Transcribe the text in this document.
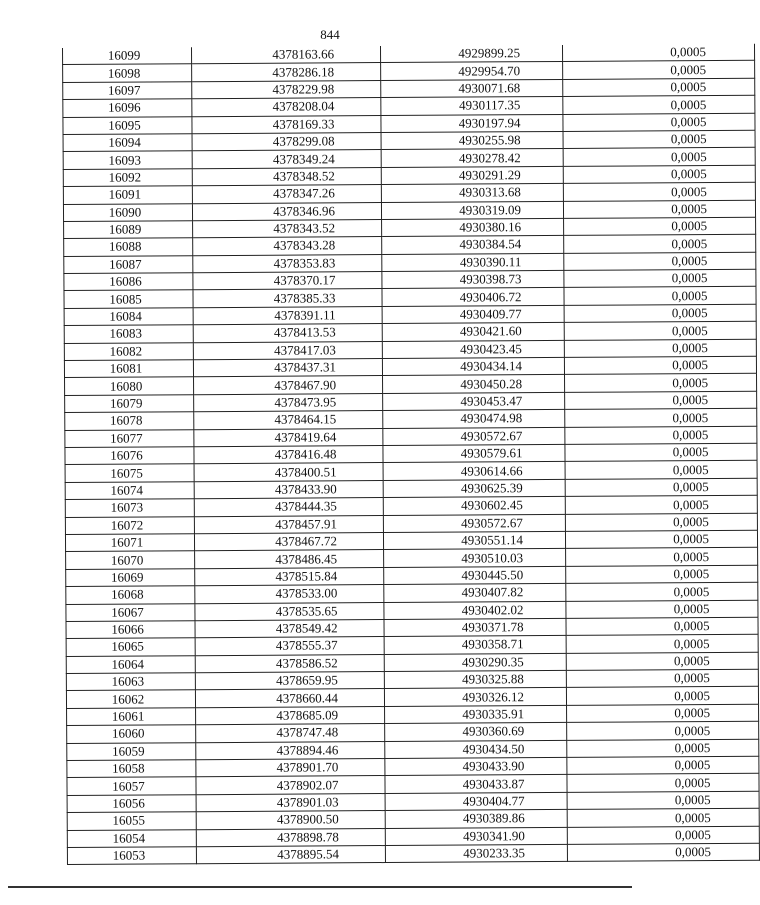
844
16099	4378163.66	4929899.25	0,0005
16098	4378286.18	4929954.70	0,0005
16097	4378229.98	4930071.68	0,0005
16096	4378208.04	4930117.35	0,0005
16095	4378169.33	4930197.94	0,0005
16094	4378299.08	4930255.98	0,0005
16093	4378349.24	4930278.42	0,0005
16092	4378348.52	4930291.29	0,0005
16091	4378347.26	4930313.68	0,0005
16090	4378346.96	4930319.09	0,0005
16089	4378343.52	4930380.16	0,0005
16088	4378343.28	4930384.54	0,0005
16087	4378353.83	4930390.11	0,0005
16086	4378370.17	4930398.73	0,0005
16085	4378385.33	4930406.72	0,0005
16084	4378391.11	4930409.77	0,0005
16083	4378413.53	4930421.60	0,0005
16082	4378417.03	4930423.45	0,0005
16081	4378437.31	4930434.14	0,0005
16080	4378467.90	4930450.28	0,0005
16079	4378473.95	4930453.47	0,0005
16078	4378464.15	4930474.98	0,0005
16077	4378419.64	4930572.67	0,0005
16076	4378416.48	4930579.61	0,0005
16075	4378400.51	4930614.66	0,0005
16074	4378433.90	4930625.39	0,0005
16073	4378444.35	4930602.45	0,0005
16072	4378457.91	4930572.67	0,0005
16071	4378467.72	4930551.14	0,0005
16070	4378486.45	4930510.03	0,0005
16069	4378515.84	4930445.50	0,0005
16068	4378533.00	4930407.82	0,0005
16067	4378535.65	4930402.02	0,0005
16066	4378549.42	4930371.78	0,0005
16065	4378555.37	4930358.71	0,0005
16064	4378586.52	4930290.35	0,0005
16063	4378659.95	4930325.88	0,0005
16062	4378660.44	4930326.12	0,0005
16061	4378685.09	4930335.91	0,0005
16060	4378747.48	4930360.69	0,0005
16059	4378894.46	4930434.50	0,0005
16058	4378901.70	4930433.90	0,0005
16057	4378902.07	4930433.87	0,0005
16056	4378901.03	4930404.77	0,0005
16055	4378900.50	4930389.86	0,0005
16054	4378898.78	4930341.90	0,0005
16053	4378895.54	4930233.35	0,0005
